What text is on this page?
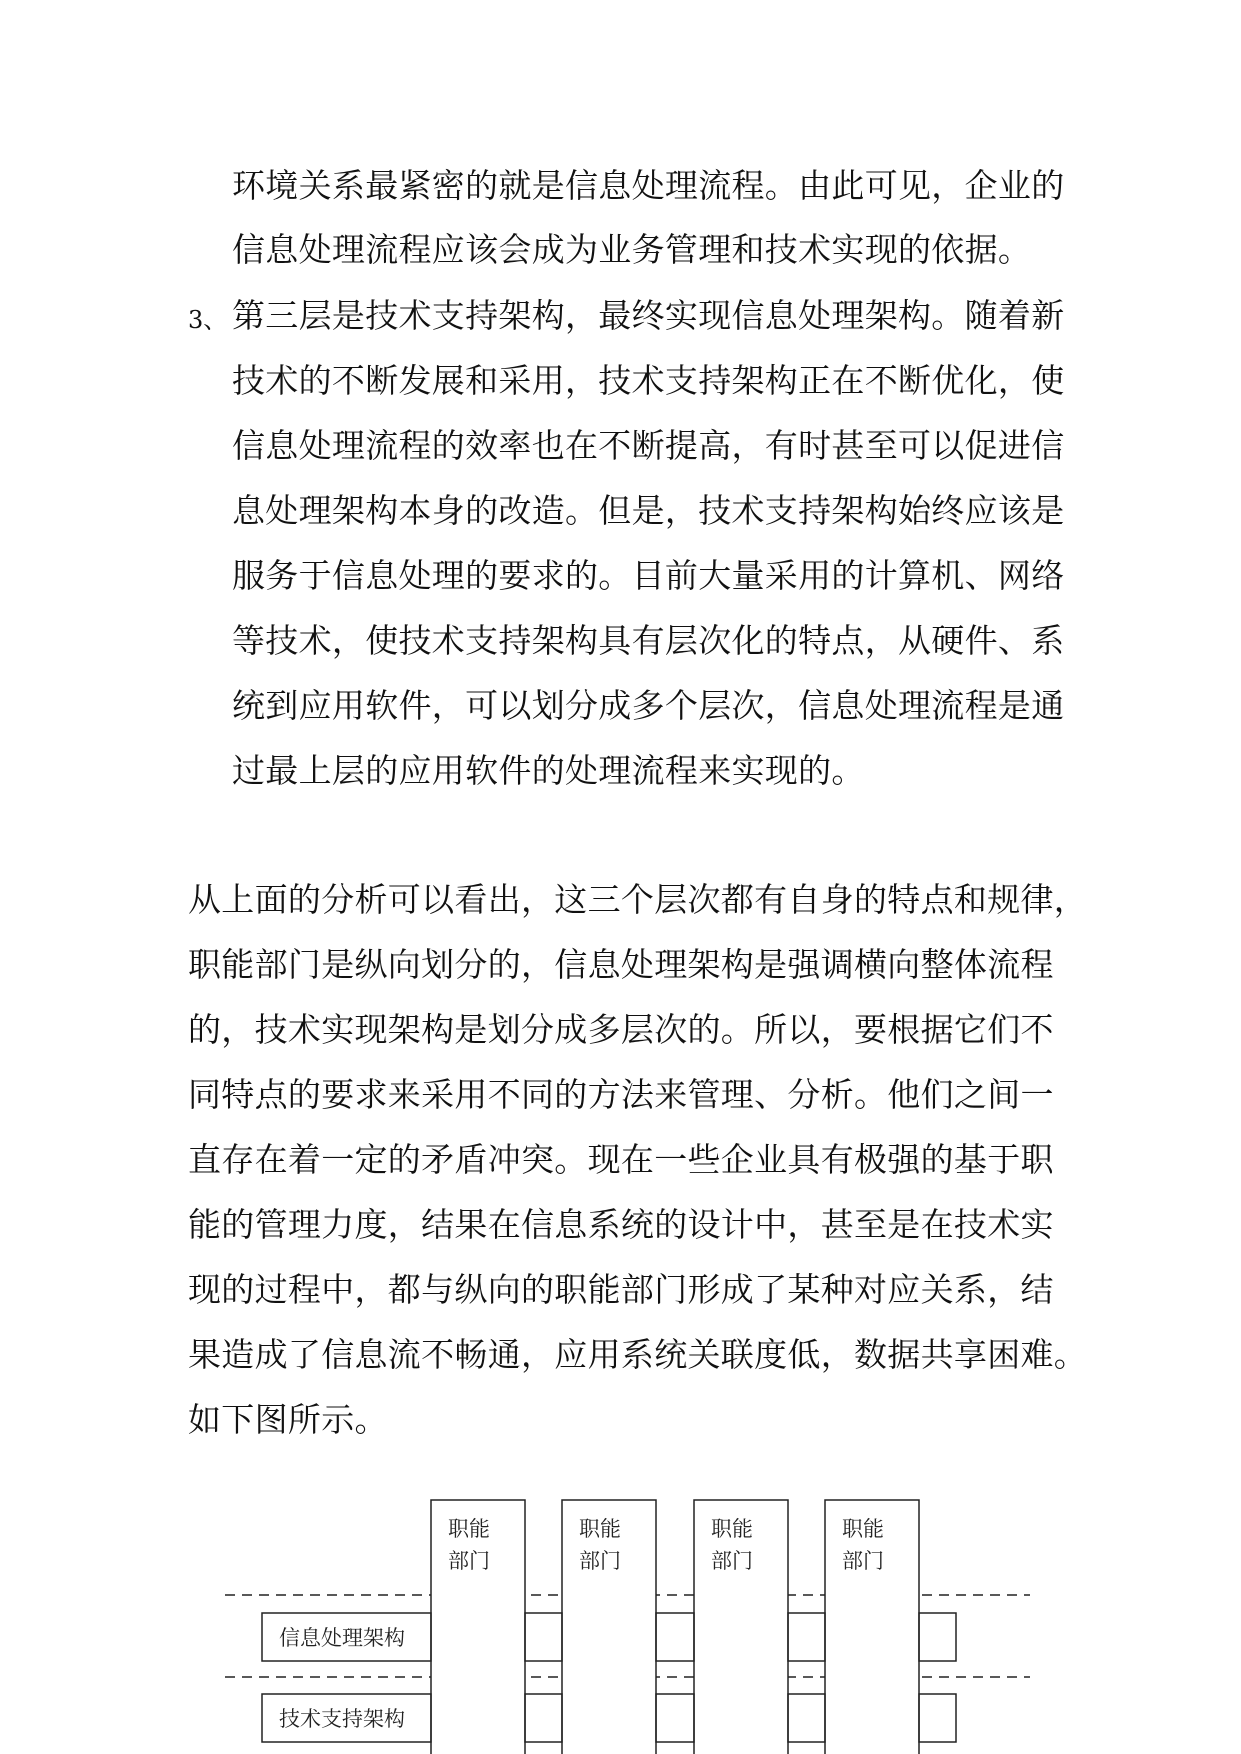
环境关系最紧密的就是信息处理流程。由此可见，企业的

信息处理流程应该会成为业务管理和技术实现的依据。

3、 第三层是技术支持架构，最终实现信息处理架构。随着新

技术的不断发展和采用，技术支持架构正在不断优化，使

信息处理流程的效率也在不断提高，有时甚至可以促进信

息处理架构本身的改造。但是，技术支持架构始终应该是

服务于信息处理的要求的。目前大量采用的计算机、网络

等技术，使技术支持架构具有层次化的特点，从硬件、系

统到应用软件，可以划分成多个层次，信息处理流程是通

过最上层的应用软件的处理流程来实现的。

从上面的分析可以看出，这三个层次都有自身的特点和规律，

职能部门是纵向划分的，信息处理架构是强调横向整体流程

的，技术实现架构是划分成多层次的。所以，要根据它们不

同特点的要求来采用不同的方法来管理、分析。他们之间一

直存在着一定的矛盾冲突。现在一些企业具有极强的基于职

能的管理力度，结果在信息系统的设计中，甚至是在技术实

现的过程中，都与纵向的职能部门形成了某种对应关系，结

果造成了信息流不畅通，应用系统关联度低，数据共享困难。

如下图所示。

职能
部门
职能
部门
职能
部门
职能
部门
信息处理架构
技术支持架构
